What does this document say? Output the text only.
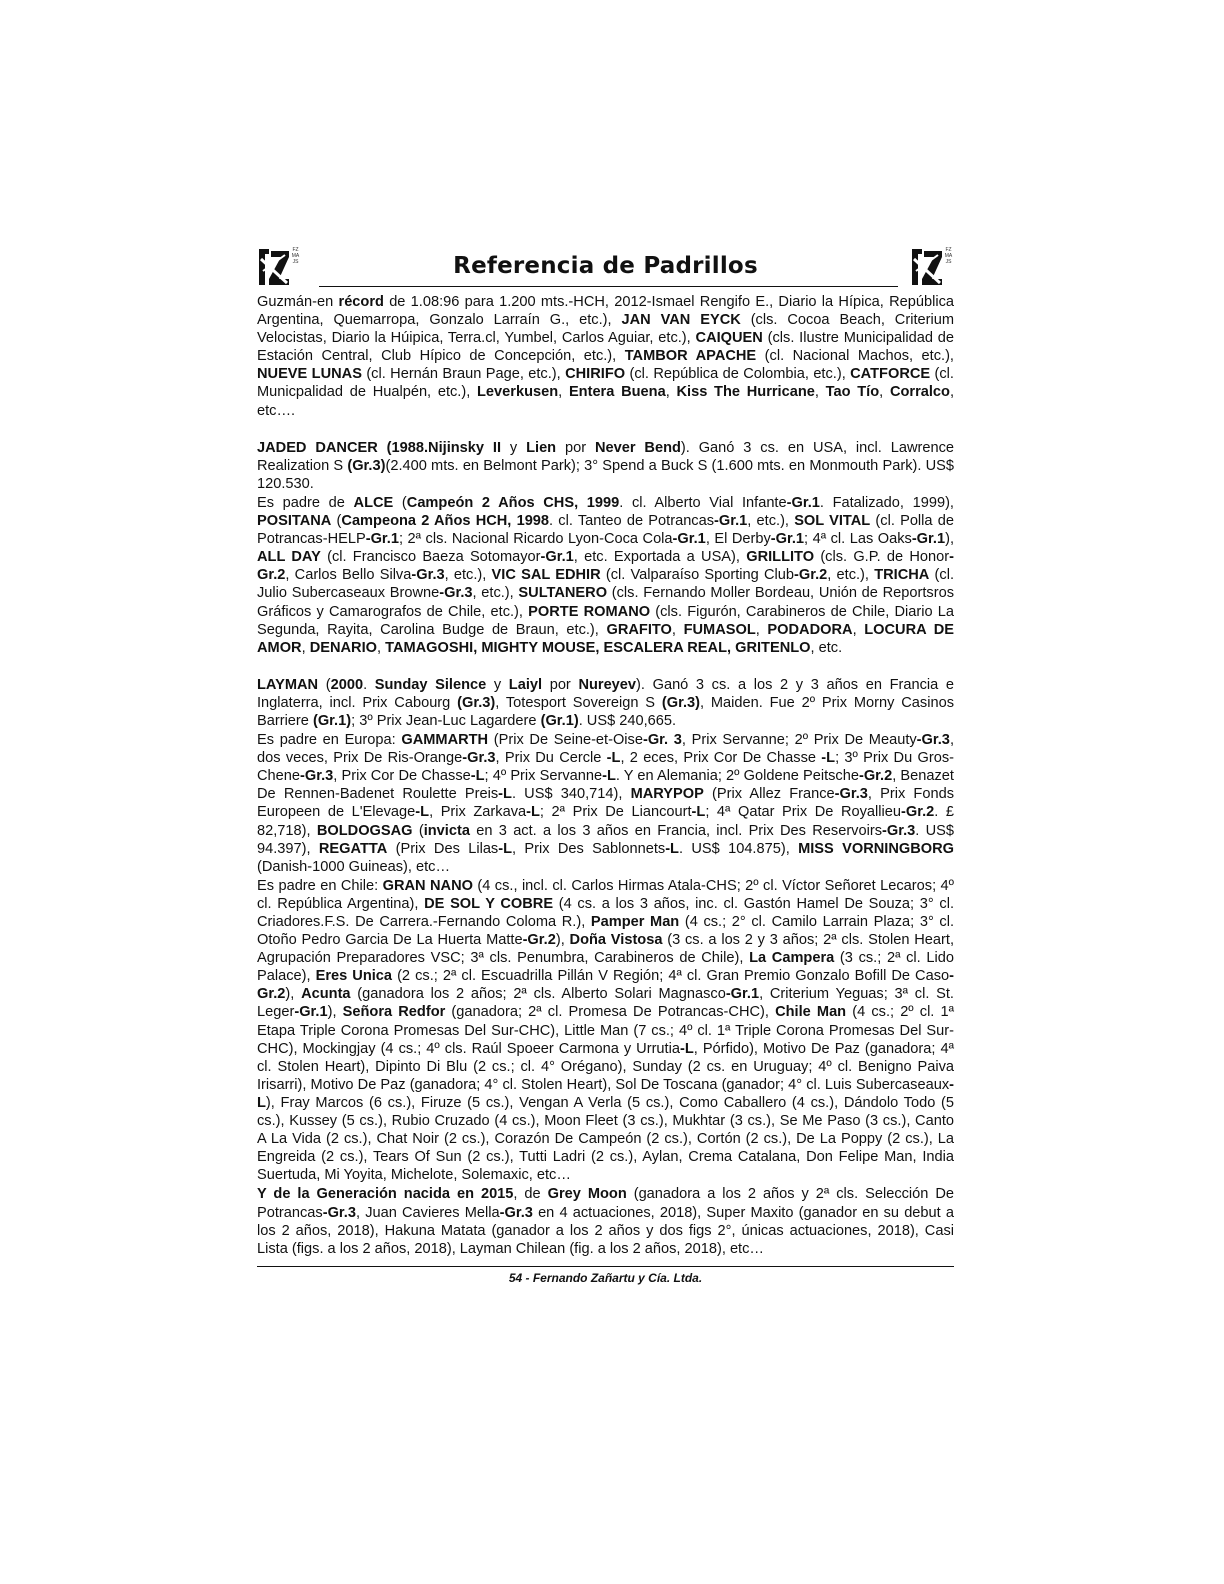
FZMAJS	Referencia de Padrillos
FZMAJS

Guzmán-en récord de 1.08:96 para 1.200 mts.-HCH, 2012-Ismael Rengifo E., Diario la Hípica, República Argentina, Quemarropa, Gonzalo Larraín G., etc.), JAN VAN EYCK (cls. Cocoa Beach, Criterium Velocistas, Diario la Húipica, Terra.cl, Yumbel, Carlos Aguiar, etc.), CAIQUEN (cls. Ilustre Municipalidad de Estación Central, Club Hípico de Concepción, etc.), TAMBOR APACHE (cl. Nacional Machos, etc.), NUEVE LUNAS (cl. Hernán Braun Page, etc.), CHIRIFO (cl. República de Colombia, etc.), CATFORCE (cl. Municpalidad de Hualpén, etc.), Leverkusen, Entera Buena, Kiss The Hurricane, Tao Tío, Corralco, etc….

JADED DANCER (1988.Nijinsky II y Lien por Never Bend). Ganó 3 cs. en USA, incl. Lawrence Realization S (Gr.3)(2.400 mts. en Belmont Park); 3° Spend a Buck S (1.600 mts. en Monmouth Park). US$ 120.530.

Es padre de ALCE (Campeón 2 Años CHS, 1999. cl. Alberto Vial Infante-Gr.1. Fatalizado, 1999), POSITANA (Campeona 2 Años HCH, 1998. cl. Tanteo de Potrancas-Gr.1, etc.), SOL VITAL (cl. Polla de Potrancas-HELP-Gr.1; 2ª cls. Nacional Ricardo Lyon-Coca Cola-Gr.1, El Derby-Gr.1; 4ª cl. Las Oaks-Gr.1), ALL DAY (cl. Francisco Baeza Sotomayor-Gr.1, etc. Exportada a USA), GRILLITO (cls. G.P. de Honor-Gr.2, Carlos Bello Silva-Gr.3, etc.), VIC SAL EDHIR (cl. Valparaíso Sporting Club-Gr.2, etc.), TRICHA (cl. Julio Subercaseaux Browne-Gr.3, etc.), SULTANERO (cls. Fernando Moller Bordeau, Unión de Reportsros Gráficos y Camarografos de Chile, etc.), PORTE ROMANO (cls. Figurón, Carabineros de Chile, Diario La Segunda, Rayita, Carolina Budge de Braun, etc.), GRAFITO, FUMASOL, PODADORA, LOCURA DE AMOR, DENARIO, TAMAGOSHI, MIGHTY MOUSE, ESCALERA REAL, GRITENLO, etc.

LAYMAN (2000. Sunday Silence y Laiyl por Nureyev). Ganó 3 cs. a los 2 y 3 años en Francia e Inglaterra, incl. Prix Cabourg (Gr.3), Totesport Sovereign S (Gr.3), Maiden. Fue 2º Prix Morny Casinos Barriere (Gr.1); 3º Prix Jean-Luc Lagardere (Gr.1). US$ 240,665.

Es padre en Europa: GAMMARTH (Prix De Seine-et-Oise-Gr. 3, Prix Servanne; 2º Prix De Meauty-Gr.3, dos veces, Prix De Ris-Orange-Gr.3, Prix Du Cercle -L, 2 eces, Prix Cor De Chasse -L; 3º Prix Du Gros-Chene-Gr.3, Prix Cor De Chasse-L; 4º Prix Servanne-L. Y en Alemania; 2º Goldene Peitsche-Gr.2, Benazet De Rennen-Badenet Roulette Preis-L. US$ 340,714), MARYPOP (Prix Allez France-Gr.3, Prix Fonds Europeen de L'Elevage-L, Prix Zarkava-L; 2ª Prix De Liancourt-L; 4ª Qatar Prix De Royallieu-Gr.2. £ 82,718), BOLDOGSAG (invicta en 3 act. a los 3 años en Francia, incl. Prix Des Reservoirs-Gr.3. US$ 94.397), REGATTA (Prix Des Lilas-L, Prix Des Sablonnets-L. US$ 104.875), MISS VORNINGBORG (Danish-1000 Guineas), etc…

Es padre en Chile: GRAN NANO (4 cs., incl. cl. Carlos Hirmas Atala-CHS; 2º cl. Víctor Señoret Lecaros; 4º cl. República Argentina), DE SOL Y COBRE (4 cs. a los 3 años, inc. cl. Gastón Hamel De Souza; 3° cl. Criadores.F.S. De Carrera.-Fernando Coloma R.), Pamper Man (4 cs.; 2° cl. Camilo Larrain Plaza; 3° cl. Otoño Pedro Garcia De La Huerta Matte-Gr.2), Doña Vistosa (3 cs. a los 2 y 3 años; 2ª cls. Stolen Heart, Agrupación Preparadores VSC; 3ª cls. Penumbra, Carabineros de Chile), La Campera (3 cs.; 2ª cl. Lido Palace), Eres Unica (2 cs.; 2ª cl. Escuadrilla Pillán V Región; 4ª cl. Gran Premio Gonzalo Bofill De Caso-Gr.2), Acunta (ganadora los 2 años; 2ª cls. Alberto Solari Magnasco-Gr.1, Criterium Yeguas; 3ª cl. St. Leger-Gr.1), Señora Redfor (ganadora; 2ª cl. Promesa De Potrancas-CHC), Chile Man (4 cs.; 2º cl. 1ª Etapa Triple Corona Promesas Del Sur-CHC), Little Man (7 cs.; 4º cl. 1ª Triple Corona Promesas Del Sur-CHC), Mockingjay (4 cs.; 4º cls. Raúl Spoeer Carmona y Urrutia-L, Pórfido), Motivo De Paz (ganadora; 4ª cl. Stolen Heart), Dipinto Di Blu (2 cs.; cl. 4° Orégano), Sunday (2 cs. en Uruguay; 4º cl. Benigno Paiva Irisarri), Motivo De Paz (ganadora; 4° cl. Stolen Heart), Sol De Toscana (ganador; 4° cl. Luis Subercaseaux-L), Fray Marcos (6 cs.), Firuze (5 cs.), Vengan A Verla (5 cs.), Como Caballero (4 cs.), Dándolo Todo (5 cs.), Kussey (5 cs.), Rubio Cruzado (4 cs.), Moon Fleet (3 cs.), Mukhtar (3 cs.), Se Me Paso (3 cs.), Canto A La Vida (2 cs.), Chat Noir (2 cs.), Corazón De Campeón (2 cs.), Cortón (2 cs.), De La Poppy (2 cs.), La Engreida (2 cs.), Tears Of Sun (2 cs.), Tutti Ladri (2 cs.), Aylan, Crema Catalana, Don Felipe Man, India Suertuda, Mi Yoyita, Michelote, Solemaxic, etc…

Y de la Generación nacida en 2015, de Grey Moon (ganadora a los 2 años y 2ª cls. Selección De Potrancas-Gr.3, Juan Cavieres Mella-Gr.3 en 4 actuaciones, 2018), Super Maxito (ganador en su debut a los 2 años, 2018), Hakuna Matata (ganador a los 2 años y dos figs 2°, únicas actuaciones, 2018), Casi Lista (figs. a los 2 años, 2018), Layman Chilean (fig. a los 2 años, 2018), etc…

54 - Fernando Zañartu y Cía. Ltda.
